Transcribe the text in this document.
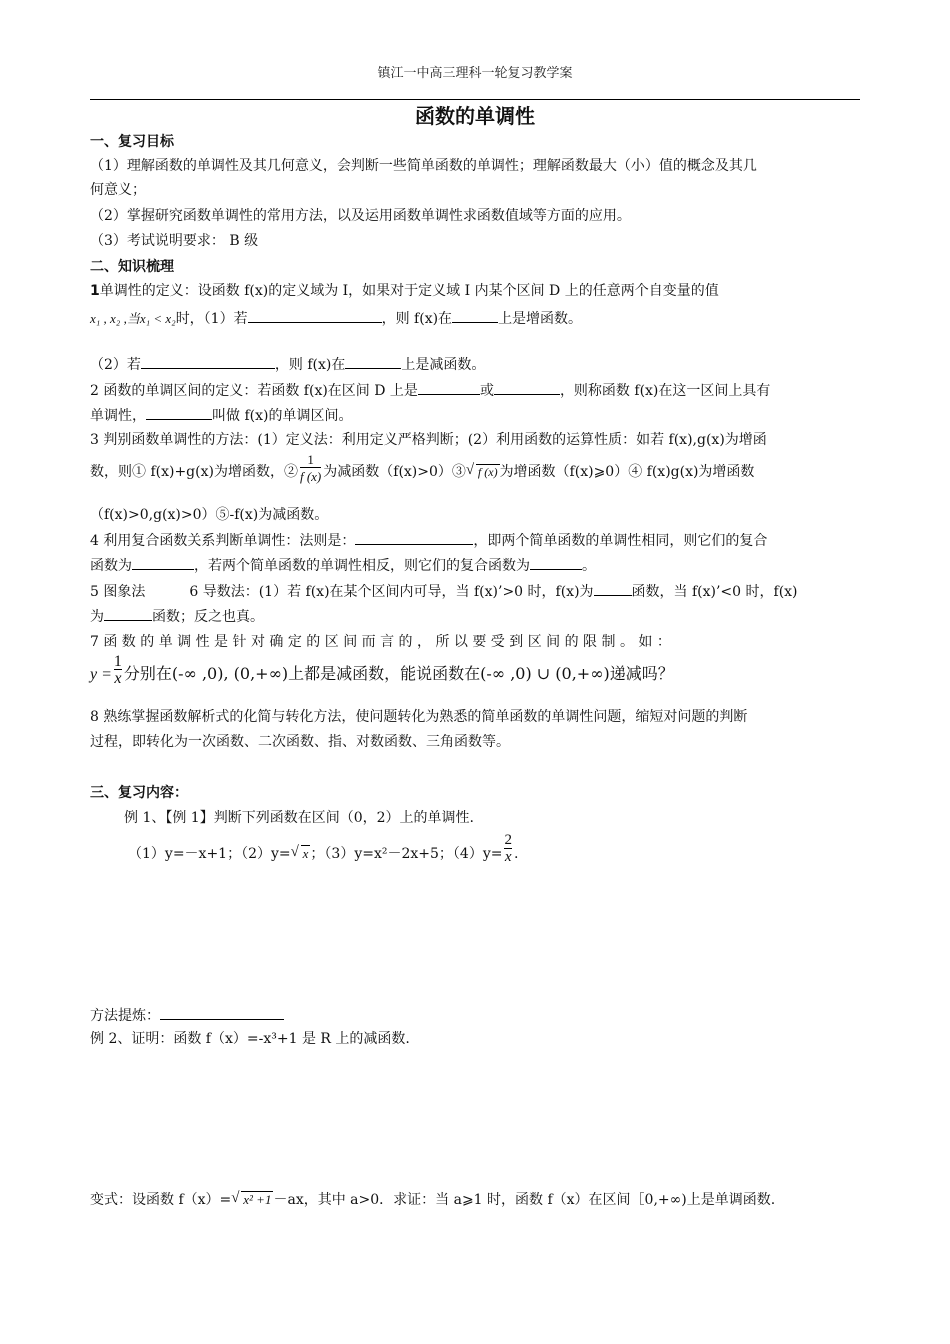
镇江一中高三理科一轮复习教学案
函数的单调性
一、复习目标
（1）理解函数的单调性及其几何意义，会判断一些简单函数的单调性；理解函数最大（小）值的概念及其几
何意义；
（2）掌握研究函数单调性的常用方法，以及运用函数单调性求函数值域等方面的应用。
（3）考试说明要求： B 级
二、知识梳理
1单调性的定义：设函数 f(x)的定义域为 I，如果对于定义域 I 内某个区间 D 上的任意两个自变量的值
x₁ , x₂ ,当x₁ < x₂时，（1）若	，则 f(x)在	上是增函数。
（2）若	，则 f(x)在	上是减函数。
2 函数的单调区间的定义：若函数 f(x)在区间 D 上是	或	，则称函数 f(x)在这一区间上具有
单调性，	叫做 f(x)的单调区间。
3 判别函数单调性的方法：(1）定义法：利用定义严格判断；(2）利用函数的运算性质：如若 f(x),g(x)为增函
数，则① f(x)+g(x)为增函数，② $\frac{1}{f (x)}$ 为减函数（f(x)>0）③ √ f (x) 为增函数（f(x)⩾0）④ f(x)g(x)为增函数
（f(x)>0,g(x)>0）⑤-f(x)为减函数。
4 利用复合函数关系判断单调性：法则是：	，即两个简单函数的单调性相同，则它们的复合
函数为	，若两个简单函数的单调性相反，则它们的复合函数为	。
5 图象法	6 导数法：(1）若 f(x)在某个区间内可导，当 f(x)’>0 时，f(x)为	函数，当 f(x)’<0 时，f(x)
为	函数；反之也真。
7 函 数 的 单 调 性 是 针 对 确 定 的 区 间 而 言 的 ， 所 以 要 受 到 区 间 的 限 制 。 如 ：
$y = \frac{1}{x}$ 分别在(-∞ ,0), (0,+∞)上都是减函数，能说函数在(-∞ ,0) ∪ (0,+∞)递减吗？
8 熟练掌握函数解析式的化简与转化方法，使问题转化为熟悉的简单函数的单调性问题，缩短对问题的判断
过程，即转化为一次函数、二次函数、指、对数函数、三角函数等。
三、复习内容：
例 1、【例 1】判断下列函数在区间（0，2）上的单调性.
（1）y=－x+1；（2）y= √ x ；（3）y=x²－2x+5；$(4)y= \frac{2}{x}$ .
方法提炼：
例 2、证明：函数 f（x）=-x³+1 是 R 上的减函数.
变式：设函数 f（x）= √ x² +1 －ax，其中 a>0．求证：当 a⩾1 时，函数 f（x）在区间［0,+∞)上是单调函数.
